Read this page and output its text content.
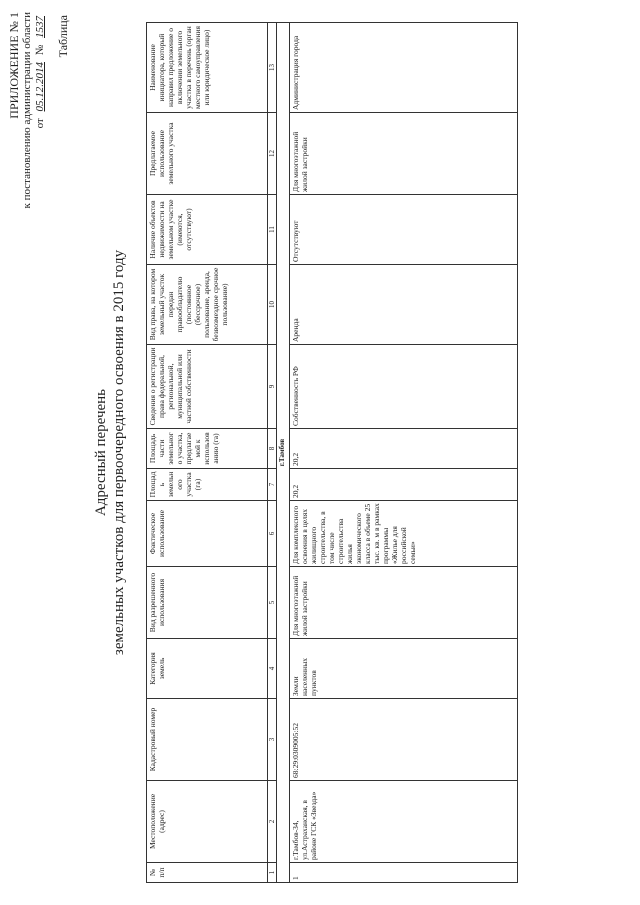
ПРИЛОЖЕНИЕ № 1 к постановлению администрации области от 05.12.2014 № 1537 Таблица
Адресный перечень земельных участков для первоочередного освоения в 2015 году
№ п/п	Местоположение (адрес)	Кадастровый номер	Категория земель	Вид разрешенного использования	Фактическое использование	Площадь земельного участка (га)	Площадь части земельного участка, предлагаемой к использованию (га)	Сведения о регистрации права федеральной, региональной, муниципальной или частной собственности	Вид права, на котором земельный участок передан правообладателю (постоянное (бессрочное) пользование, аренда, безвозмездное срочное пользование)	Наличие объектов недвижимости на земельном участке (имеются, отсутствуют)	Предлагаемое использование земельного участка	Наименование инициатора, который направил предложение о включении земельного участка в перечень (орган местного самоуправления или юридическое лицо)
1	2	3	4	5	6	7	8	9	10	11	12	13
г.Тамбов												
1	г.Тамбов-34, ул.Астраханская, в районе ГСК «Звезда»	68:29:0309005:52	Земли населенных пунктов	Для многоэтажной жилой застройки	Для комплексного освоения в целях жилищного строительства, в том числе строительства жилья экономического класса в объеме 25 тыс. кв. м в рамках программы «Жилье для российской семьи»	20,2	20,2	Собственность РФ	Аренда	Отсутствуют	Для многоэтажной жилой застройки	Администрация города
